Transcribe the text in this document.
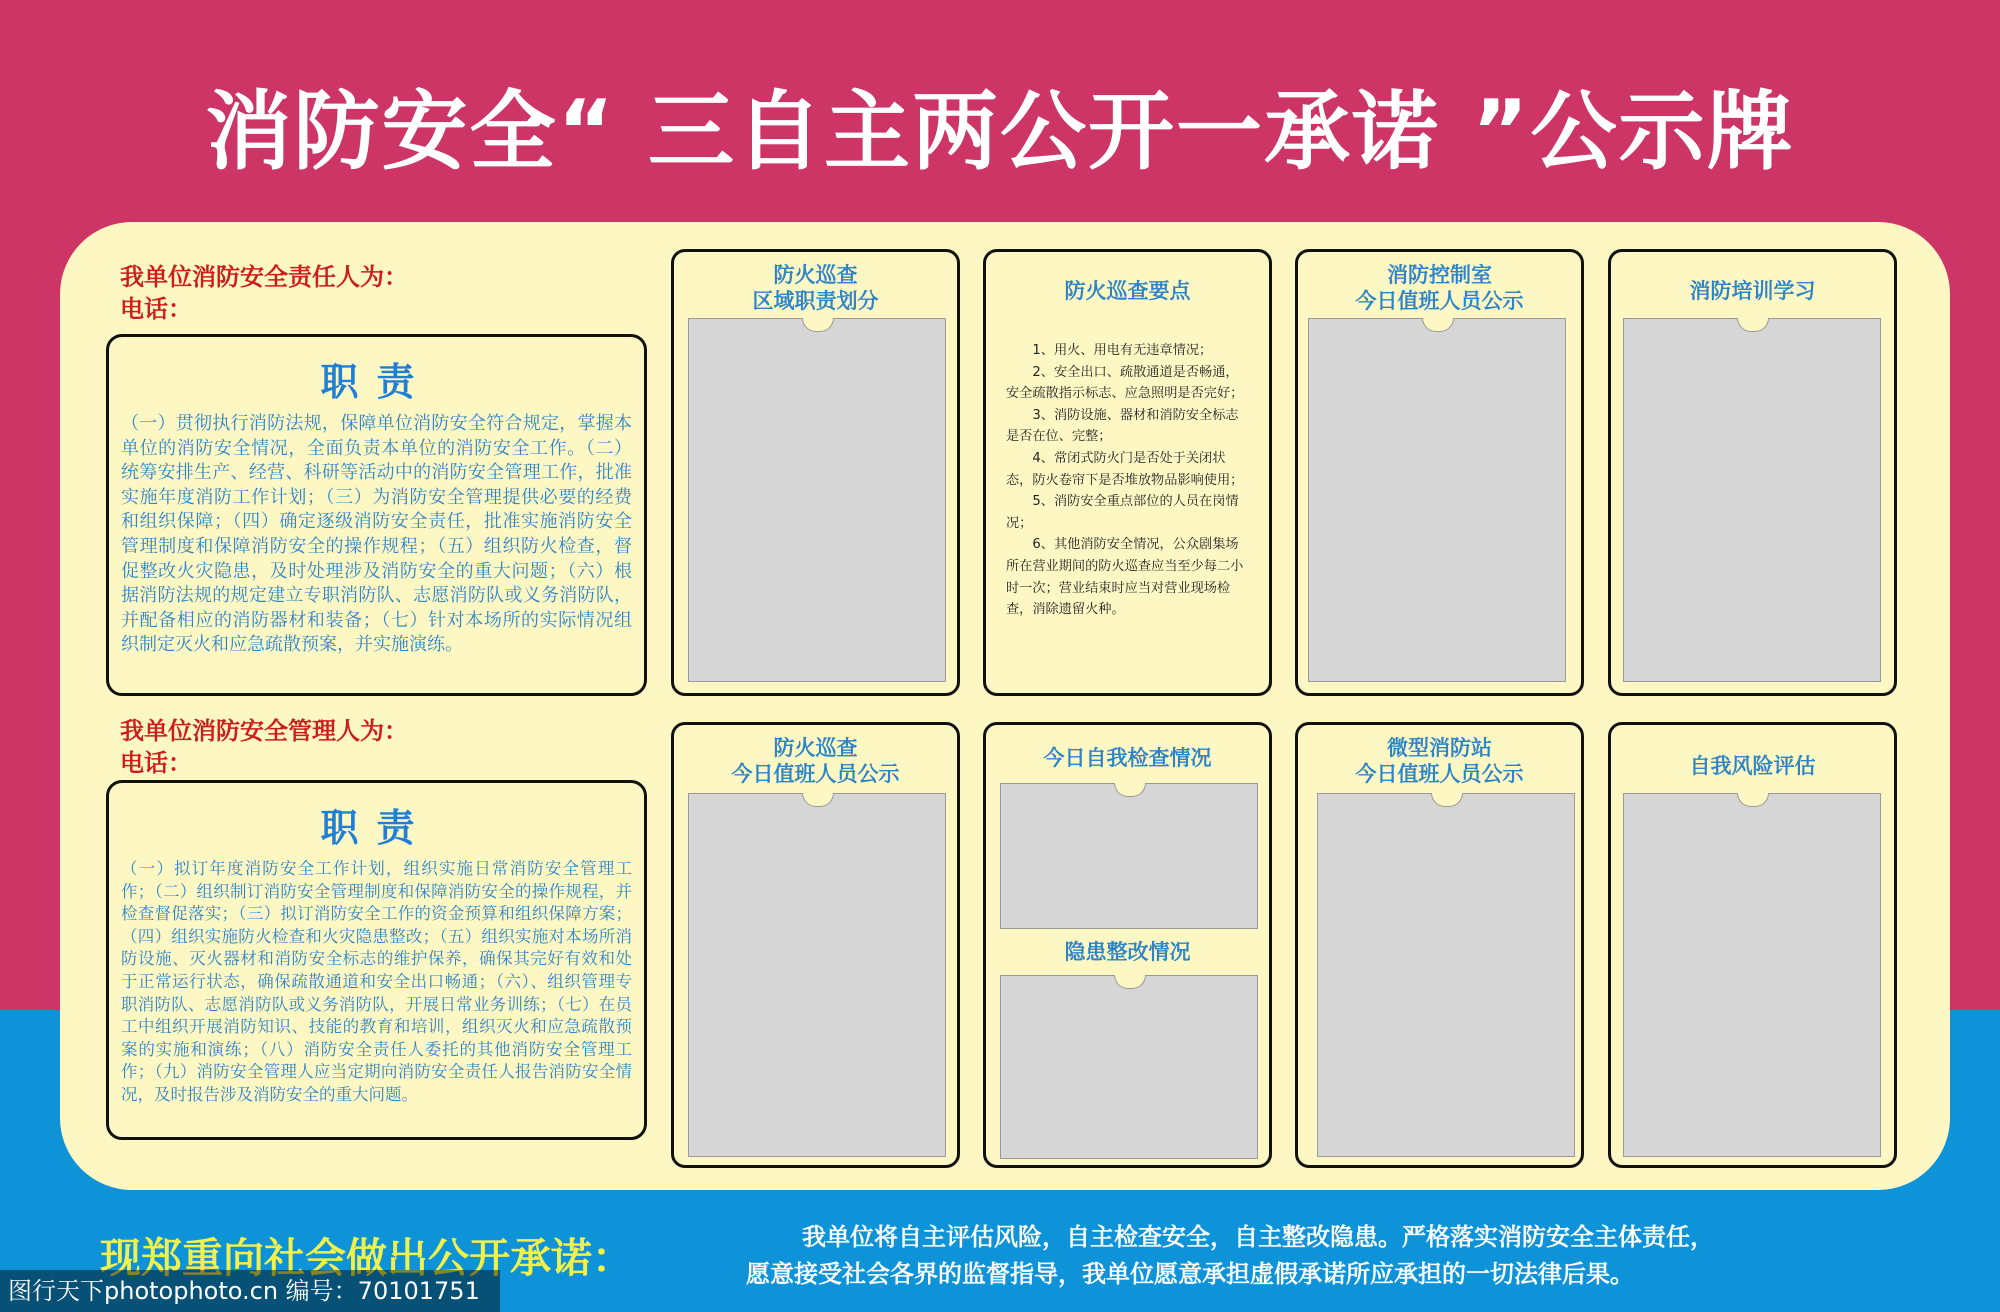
消防安全“ 三自主两公开一承诺 ”公示牌
我单位消防安全责任人为：
电话：
职责
（一）贯彻执行消防法规，保障单位消防安全符合规定，掌握本单位的消防安全情况，全面负责本单位的消防安全工作。（二）统筹安排生产、经营、科研等活动中的消防安全管理工作，批准实施年度消防工作计划；（三）为消防安全管理提供必要的经费和组织保障；（四）确定逐级消防安全责任，批准实施消防安全管理制度和保障消防安全的操作规程；（五）组织防火检查，督促整改火灾隐患，及时处理涉及消防安全的重大问题；（六）根据消防法规的规定建立专职消防队、志愿消防队或义务消防队，并配备相应的消防器材和装备；（七）针对本场所的实际情况组织制定灭火和应急疏散预案，并实施演练。
我单位消防安全管理人为：
电话：
职责
（一）拟订年度消防安全工作计划，组织实施日常消防安全管理工作；（二）组织制订消防安全管理制度和保障消防安全的操作规程，并检查督促落实；（三）拟订消防安全工作的资金预算和组织保障方案；（四）组织实施防火检查和火灾隐患整改；（五）组织实施对本场所消防设施、灭火器材和消防安全标志的维护保养，确保其完好有效和处于正常运行状态，确保疏散通道和安全出口畅通；（六）、组织管理专职消防队、志愿消防队或义务消防队，开展日常业务训练；（七）在员工中组织开展消防知识、技能的教育和培训，组织灭火和应急疏散预案的实施和演练；（八）消防安全责任人委托的其他消防安全管理工作；（九）消防安全管理人应当定期向消防安全责任人报告消防安全情况，及时报告涉及消防安全的重大问题。
防火巡查
区域职责划分	防火巡查要点
1、用火、用电有无违章情况；
2、安全出口、疏散通道是否畅通，安全疏散指示标志、应急照明是否完好；
3、消防设施、器材和消防安全标志是否在位、完整；
4、常闭式防火门是否处于关闭状态，防火卷帘下是否堆放物品影响使用；
5、消防安全重点部位的人员在岗情况；
6、其他消防安全情况，公众剧集场所在营业期间的防火巡查应当至少每二小时一次；营业结束时应当对营业现场检查，消除遗留火种。
消防控制室
今日值班人员公示	消防培训学习
防火巡查
今日值班人员公示
今日自我检查情况
隐患整改情况
微型消防站
今日值班人员公示	自我风险评估
现郑重向社会做出公开承诺：	我单位将自主评估风险，自主检查安全，自主整改隐患。严格落实消防安全主体责任，
愿意接受社会各界的监督指导，我单位愿意承担虚假承诺所应承担的一切法律后果。
图行天下photophoto.cn 编号：70101751
